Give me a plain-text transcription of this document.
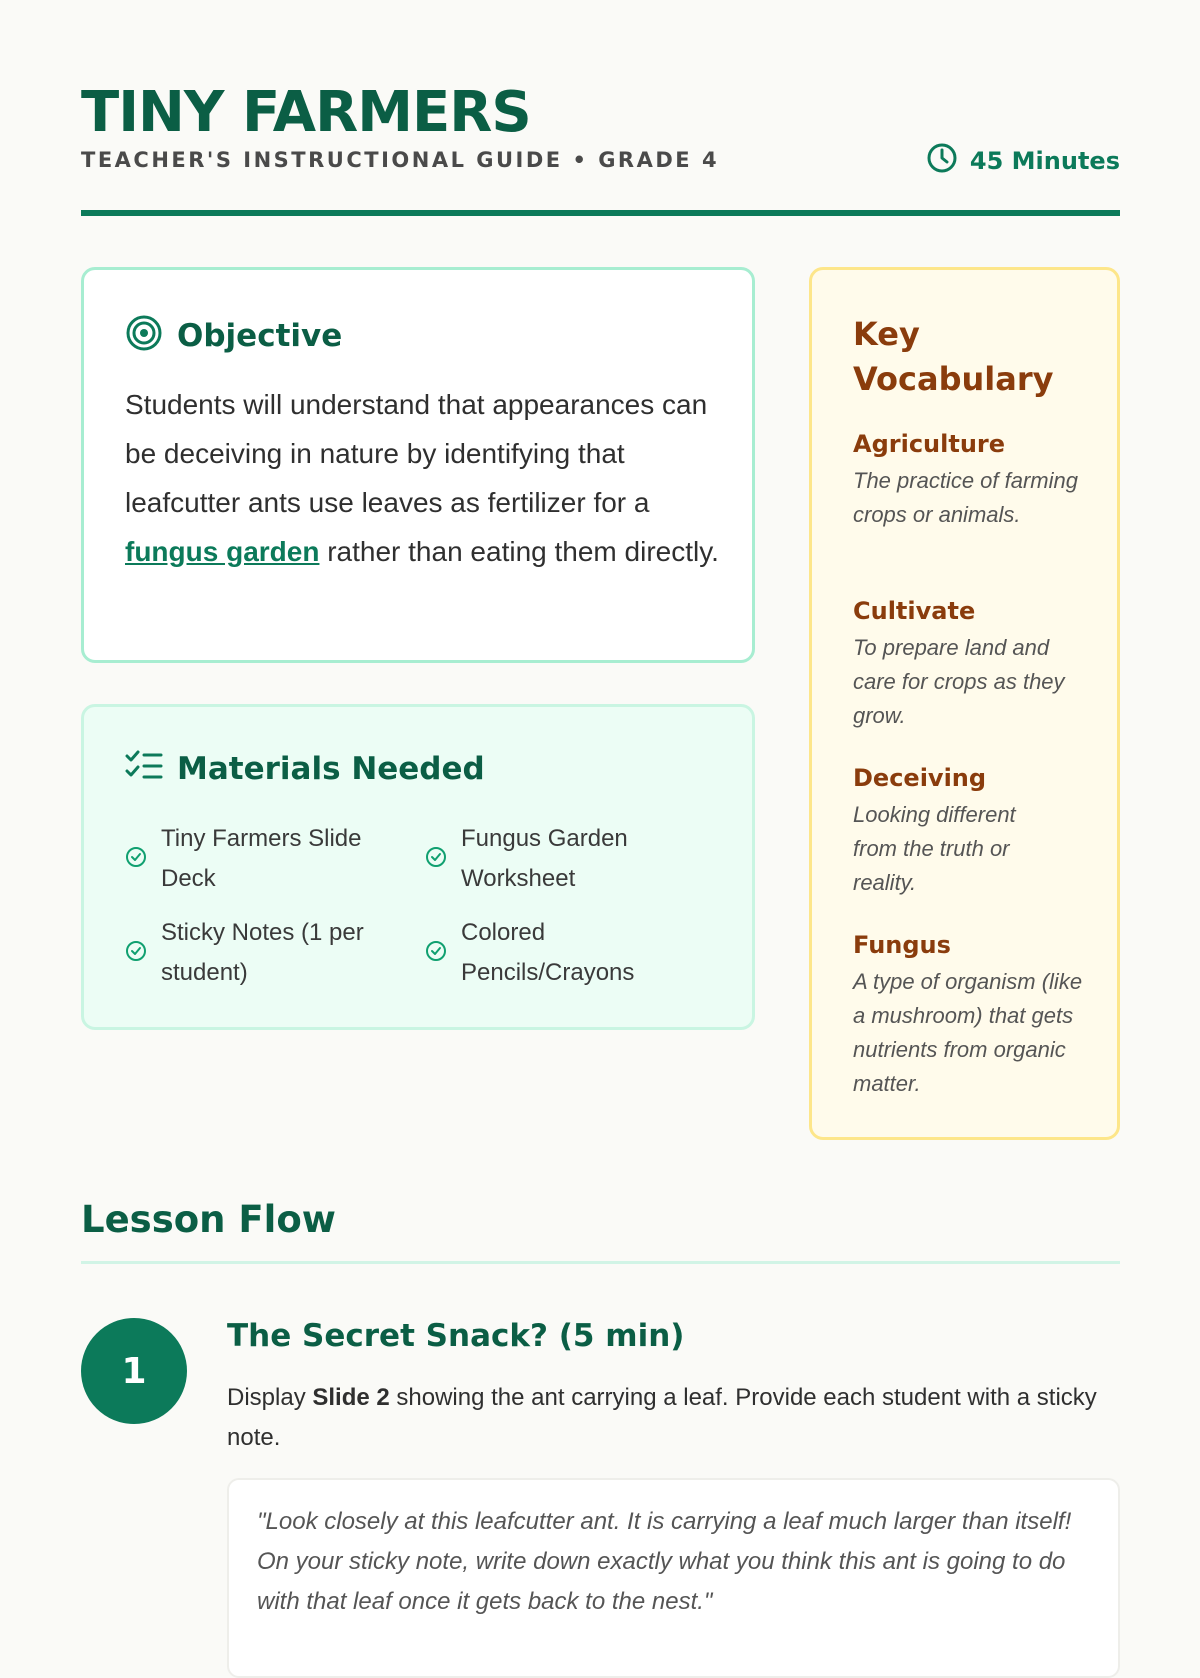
TINY FARMERS
TEACHER'S INSTRUCTIONAL GUIDE • GRADE 4	45 Minutes
Objective

Students will understand that appearances can be deceiving in nature by identifying that leafcutter ants use leaves as fertilizer for a fungus garden rather than eating them directly.

Materials Needed
Tiny Farmers Slide Deck
Fungus Garden Worksheet
Sticky Notes (1 per student)
Colored Pencils/Crayons
Key Vocabulary
Agriculture

The practice of farming crops or animals.

Cultivate

To prepare land and care for crops as they grow.

Deceiving

Looking different from the truth or reality.

Fungus

A type of organism (like a mushroom) that gets nutrients from organic matter.

Lesson Flow
1
The Secret Snack? (5 min)

Display Slide 2 showing the ant carrying a leaf. Provide each student with a sticky note.

"Look closely at this leafcutter ant. It is carrying a leaf much larger than itself! On your sticky note, write down exactly what you think this ant is going to do with that leaf once it gets back to the nest."
